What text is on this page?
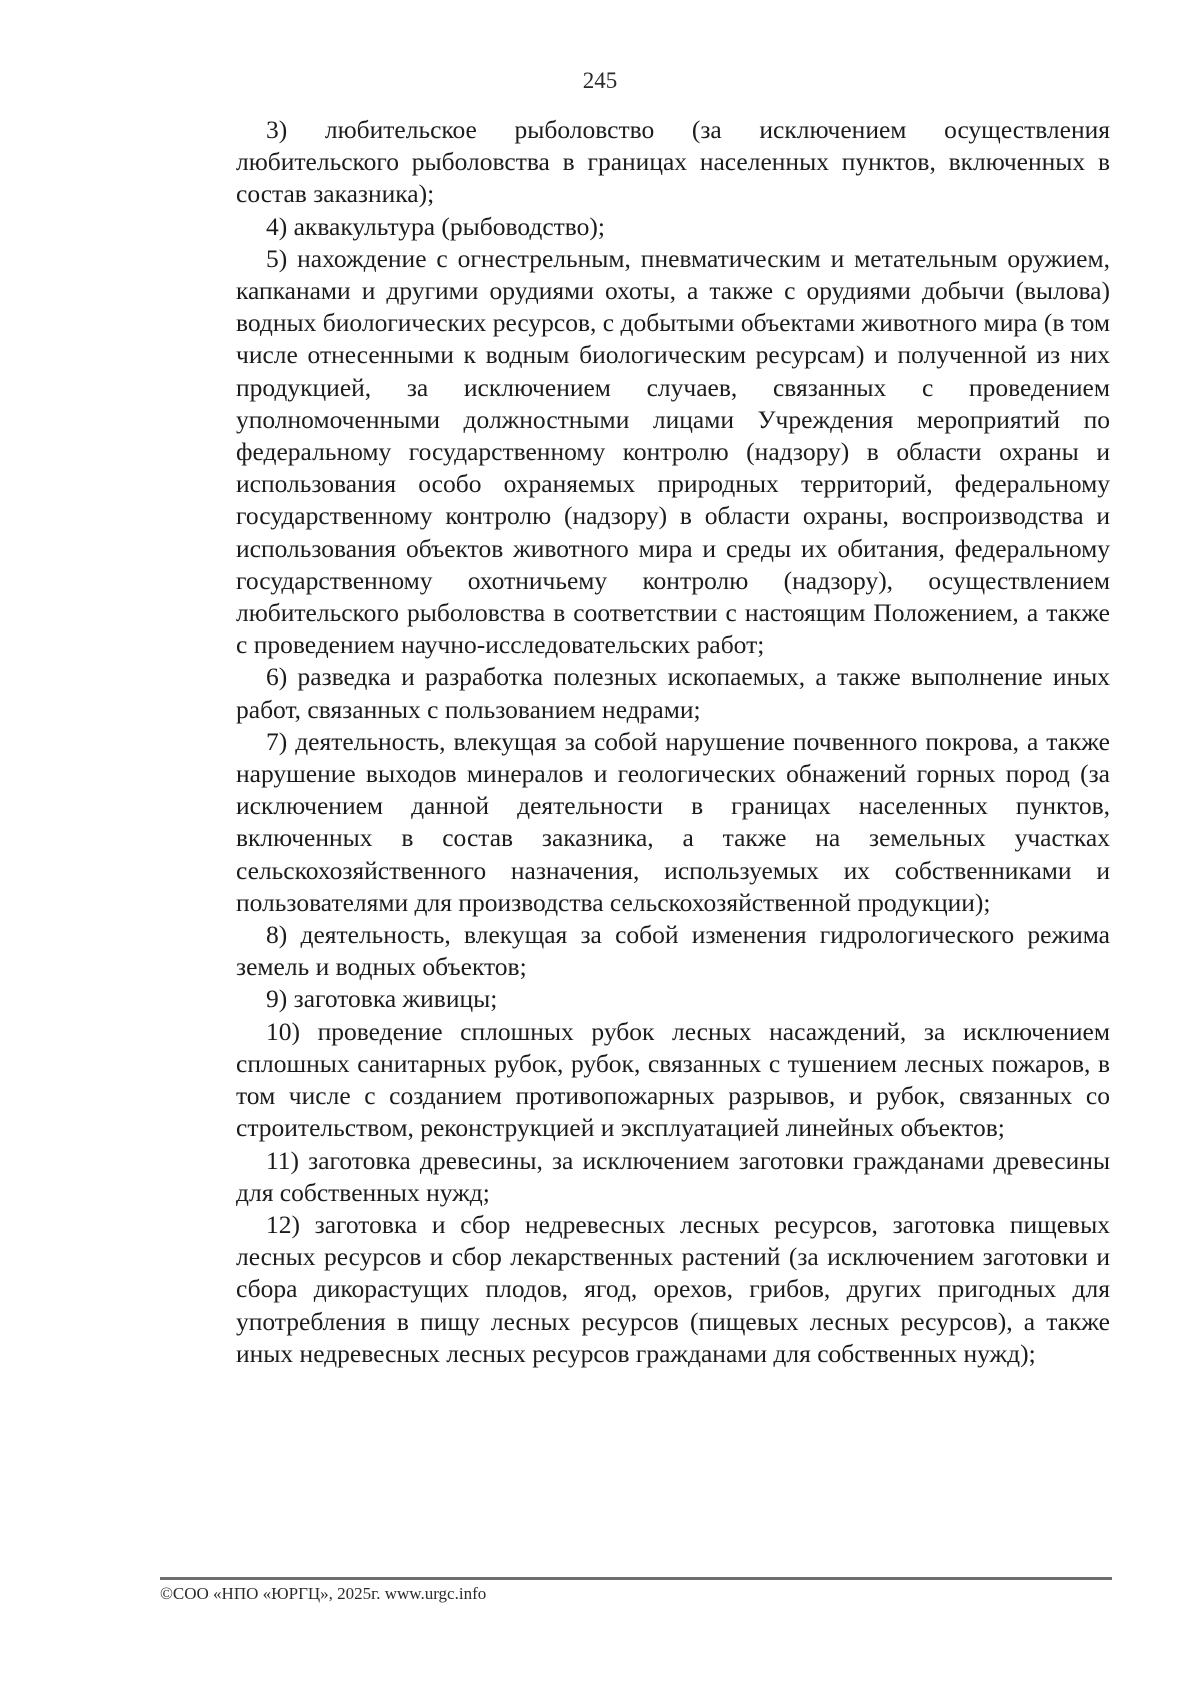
245

3) любительское рыболовство (за исключением осуществления любительского рыболовства в границах населенных пунктов, включенных в состав заказника);

4) аквакультура (рыбоводство);

5) нахождение с огнестрельным, пневматическим и метательным оружием, капканами и другими орудиями охоты, а также с орудиями добычи (вылова) водных биологических ресурсов, с добытыми объектами животного мира (в том числе отнесенными к водным биологическим ресурсам) и полученной из них продукцией, за исключением случаев, связанных с проведением уполномоченными должностными лицами Учреждения мероприятий по федеральному государственному контролю (надзору) в области охраны и использования особо охраняемых природных территорий, федеральному государственному контролю (надзору) в области охраны, воспроизводства и использования объектов животного мира и среды их обитания, федеральному государственному охотничьему контролю (надзору), осуществлением любительского рыболовства в соответствии с настоящим Положением, а также с проведением научно-исследовательских работ;

6) разведка и разработка полезных ископаемых, а также выполнение иных работ, связанных с пользованием недрами;

7) деятельность, влекущая за собой нарушение почвенного покрова, а также нарушение выходов минералов и геологических обнажений горных пород (за исключением данной деятельности в границах населенных пунктов, включенных в состав заказника, а также на земельных участках сельскохозяйственного назначения, используемых их собственниками и пользователями для производства сельскохозяйственной продукции);

8) деятельность, влекущая за собой изменения гидрологического режима земель и водных объектов;

9) заготовка живицы;

10) проведение сплошных рубок лесных насаждений, за исключением сплошных санитарных рубок, рубок, связанных с тушением лесных пожаров, в том числе с созданием противопожарных разрывов, и рубок, связанных со строительством, реконструкцией и эксплуатацией линейных объектов;

11) заготовка древесины, за исключением заготовки гражданами древесины для собственных нужд;

12) заготовка и сбор недревесных лесных ресурсов, заготовка пищевых лесных ресурсов и сбор лекарственных растений (за исключением заготовки и сбора дикорастущих плодов, ягод, орехов, грибов, других пригодных для употребления в пищу лесных ресурсов (пищевых лесных ресурсов), а также иных недревесных лесных ресурсов гражданами для собственных нужд);

©СОО «НПО «ЮРГЦ», 2025г. www.urgc.info
